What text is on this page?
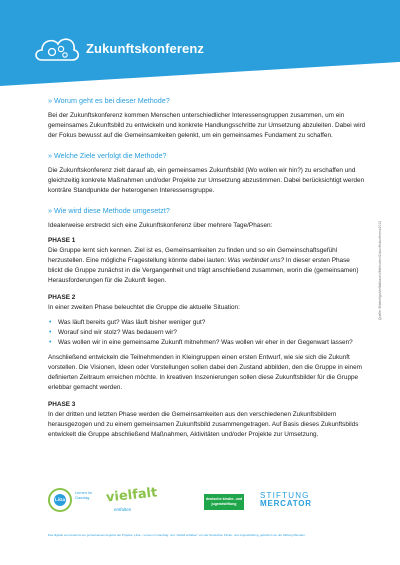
Zukunftskonferenz

» Worum geht es bei dieser Methode?

Bei der Zukunftskonferenz kommen Menschen unterschiedlicher Interessensgruppen zusammen, um ein gemeinsames Zukunftsbild zu entwickeln und konkrete Handlungsschritte zur Umsetzung abzuleiten. Dabei wird der Fokus bewusst auf die Gemeinsamkeiten gelenkt, um ein gemeinsames Fundament zu schaffen.

» Welche Ziele verfolgt die Methode?

Die Zukunftskonferenz zielt darauf ab, ein gemeinsames Zukunftsbild (Wo wollen wir hin?) zu erschaffen und gleichzeitig konkrete Maßnahmen und/oder Projekte zur Umsetzung abzustimmen. Dabei berücksichtigt werden konträre Standpunkte der heterogenen Interessensgruppe.

» Wie wird diese Methode umgesetzt?

Idealerweise erstreckt sich eine Zukunftskonferenz über mehrere Tage/Phasen:

PHASE 1

Die Gruppe lernt sich kennen. Ziel ist es, Gemeinsamkeiten zu finden und so ein Gemeinschaftsgefühl herzustellen. Eine mögliche Fragestellung könnte dabei lauten: Was verbindet uns? In dieser ersten Phase blickt die Gruppe zunächst in die Vergangenheit und trägt anschließend zusammen, worin die (gemeinsamen) Herausforderungen für die Zukunft liegen.

PHASE 2

In einer zweiten Phase beleuchtet die Gruppe die aktuelle Situation:

• Was läuft bereits gut? Was läuft bisher weniger gut?
• Worauf sind wir stolz? Was bedauern wir?
• Was wollen wir in eine gemeinsame Zukunft mitnehmen? Was wollen wir eher in der Gegenwart lassen?

Anschließend entwickeln die Teilnehmenden in Kleingruppen einen ersten Entwurf, wie sie sich die Zukunft vorstellen. Die Visionen, Ideen oder Vorstellungen sollen dabei den Zustand abbilden, den die Gruppe in einem definierten Zeitraum erreichen möchte. In kreativen Inszenierungen sollen diese Zukunftsbilder für die Gruppe erlebbar gemacht werden.

PHASE 3

In der dritten und letzten Phase werden die Gemeinsamkeiten aus den verschiedenen Zukunftsbildern herausgezogen und zu einem gemeinsamen Zukunftsbild zusammengetragen. Auf Basis dieses Zukunftsbilds entwickelt die Gruppe abschließend Maßnahmen, Aktivitäten und/oder Projekte zur Umsetzung.

Quelle: Bibtext/go/vielfaltbauen/Methoden/Zukunftskonferenz2012
LiGa
Lernen im Ganztag	vielfalt
entfalten
deutsche kinder- und jugendstiftung
STIFTUNG
MERCATOR
Das digitale Lernmodul ist ein gemeinsames Angebot der Projekte „LiGa – Lernen im Ganztag“ und „Vielfalt entfalten“ von der Deutschen Kinder- und Jugendstiftung, gefördert von der Stiftung Mercator.
